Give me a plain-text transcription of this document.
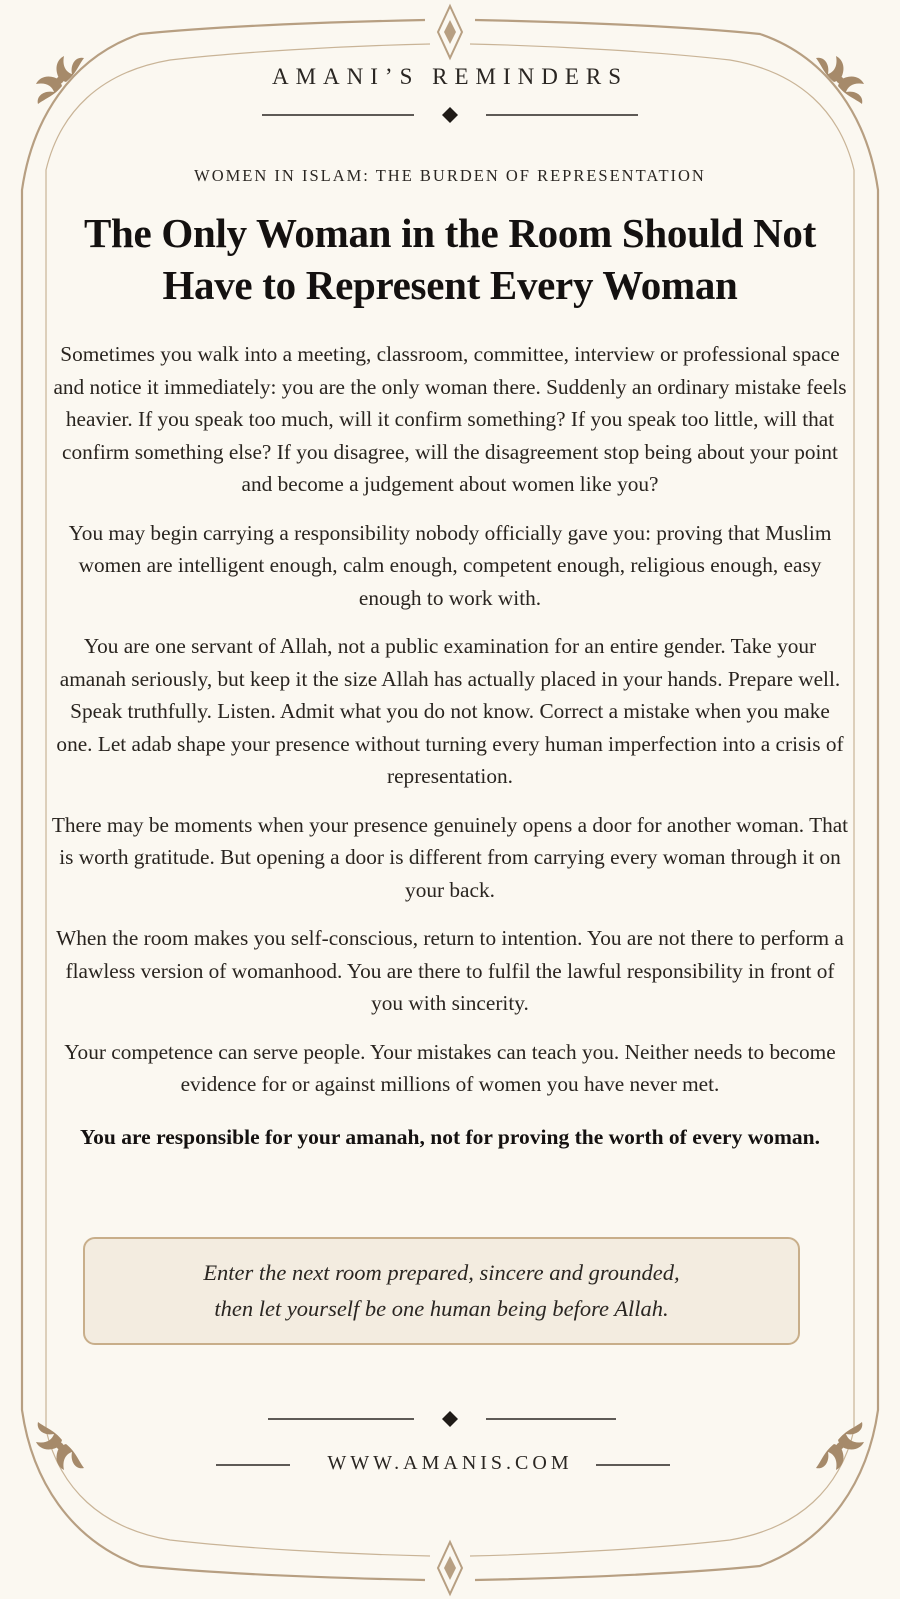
AMANI’S REMINDERS
WOMEN IN ISLAM: THE BURDEN OF REPRESENTATION
The Only Woman in the Room Should Not
Have to Represent Every Woman

Sometimes you walk into a meeting, classroom, committee, interview or professional space and notice it immediately: you are the only woman there. Suddenly an ordinary mistake feels heavier. If you speak too much, will it confirm something? If you speak too little, will that confirm something else? If you disagree, will the disagreement stop being about your point and become a judgement about women like you?

You may begin carrying a responsibility nobody officially gave you: proving that Muslim women are intelligent enough, calm enough, competent enough, religious enough, easy enough to work with.

You are one servant of Allah, not a public examination for an entire gender. Take your amanah seriously, but keep it the size Allah has actually placed in your hands. Prepare well. Speak truthfully. Listen. Admit what you do not know. Correct a mistake when you make one. Let adab shape your presence without turning every human imperfection into a crisis of representation.

There may be moments when your presence genuinely opens a door for another woman. That is worth gratitude. But opening a door is different from carrying every woman through it on your back.

When the room makes you self-conscious, return to intention. You are not there to perform a flawless version of womanhood. You are there to fulfil the lawful responsibility in front of you with sincerity.

Your competence can serve people. Your mistakes can teach you. Neither needs to become evidence for or against millions of women you have never met.

You are responsible for your amanah, not for proving the worth of every woman.

Enter the next room prepared, sincere and grounded,
then let yourself be one human being before Allah.
WWW.AMANIS.COM
